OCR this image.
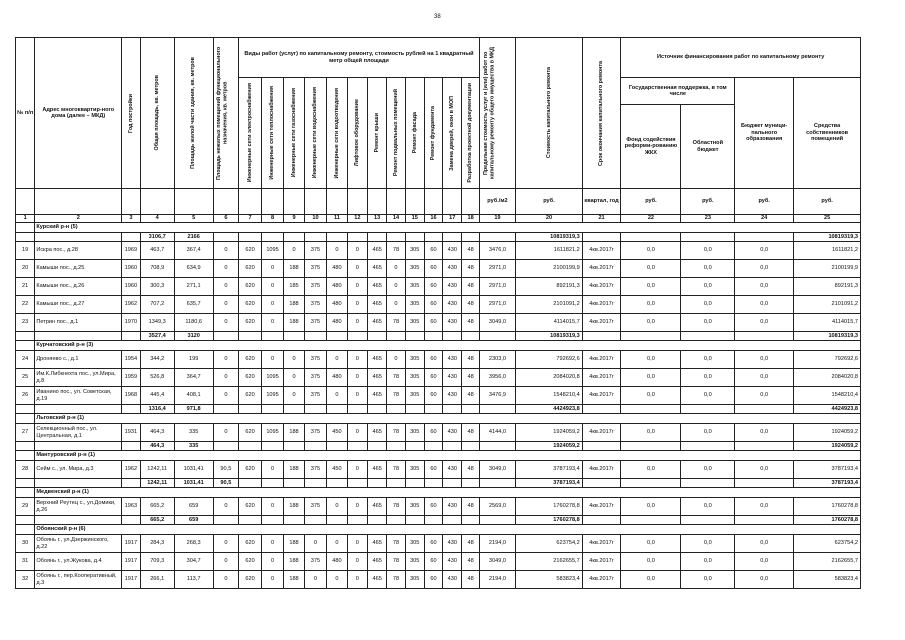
38
№ п/п	Адрес многоквартир-ного дома (далее – МКД)	Год постройки	Общая площадь, кв. метров	Площадь жилой части здания, кв. метров	Площадь нежилых помещений функционального назначения, кв. метров	Виды работ (услуг) по капитальному ремонту, стоимость рублей на 1 квадратный метр общей площади												Предельная стоимость услуг и (или) работ по капитальному ремонту общего имущества в МКД	Стоимость капитального ремонта	Срок окончания капитального ремонта	Источник финансирования работ по капитальному ремонту			

						Инженерные сети электроснабжения	Инженерные сети теплоснабжения	Инженерные сети газоснабжения	Инженерные сети водоснабжения	Инженерные сети водоотведения	Лифтовое оборудование	Ремонт крыши	Ремонт подвальных помещений	Ремонт фасада	Ремонт фундамента	Замена дверей, окон в МОП	Разработка проектной документации				Государственная поддержка, в том числе		Бюджет муници-пального образования	Средства собственников помещений
																					Фонд содействия реформи-рованию ЖКХ	Областной бюджет		
																		руб./м2	руб.	квартал, год	руб.	руб.	руб.	руб.
1	2	3	4	5	6	7	8	9	10	11	12	13	14	15	16	17	18	19	20	21	22	23	24	25
	Курский р-н (5)																							
			3106,7	2166															10819319,3					10819319,3
19	Искра пос., д.28	1969	463,7	367,4	0	620	1095	0	375	0	0	465	78	305	60	430	48	3476,0	1611821,2	4кв.2017г	0,0	0,0	0,0	1611821,2
20	Камыши пос., д.25	1960	708,9	634,9	0	620	0	188	375	480	0	465	0	305	60	430	48	2971,0	2100199,9	4кв.2017г	0,0	0,0	0,0	2100199,9
21	Камыши пос., д.26	1960	300,3	271,1	0	620	0	185	375	480	0	465	0	305	60	430	48	2971,0	892191,3	4кв.2017г	0,0	0,0	0,0	892191,3
22	Камыши пос., д.27	1962	707,2	635,7	0	620	0	188	375	480	0	465	0	305	60	430	48	2971,0	2101091,2	4кв.2017г	0,0	0,0	0,0	2101091,2
23	Петрин пос., д.1	1970	1349,3	1180,6	0	620	0	188	375	480	0	465	78	305	60	430	48	3049,0	4114015,7	4кв.2017г	0,0	0,0	0,0	4114015,7
			3527,4	3120															10819319,3					10819319,3
	Курчатовский р-н (3)																							
24	Дроняево с., д.1	1954	344,2	199	0	620	0	0	375	0	0	465	0	305	60	430	48	2303,0	792692,6	4кв.2017г	0,0	0,0	0,0	792692,6
25	Им.К.Либкнехта пос., ул.Мира, д.8	1959	526,8	364,7	0	620	1095	0	375	480	0	465	78	305	60	430	48	3956,0	2084020,8	4кв.2017г	0,0	0,0	0,0	2084020,8
26	Иванино пос., ул. Советская, д.19	1968	445,4	408,1	0	620	1095	0	375	0	0	465	78	305	60	430	48	3476,9	1548210,4	4кв.2017г	0,0	0,0	0,0	1548210,4
			1316,4	971,8															4424923,8					4424923,8
	Льговский р-н (1)																							
27	Селекционный пос., ул. Центральная, д.1	1931	464,3	335	0	620	1095	188	375	450	0	465	78	305	60	430	48	4144,0	1924059,2	4кв.2017г	0,0	0,0	0,0	1924059,2
			464,3	335															1924059,2					1924059,2
	Мантуровский р-н (1)																							
28	Сейм с., ул. Мира, д.3	1962	1242,11	1031,41	90,5	620	0	188	375	450	0	465	78	305	60	430	48	3049,0	3787193,4	4кв.2017г	0,0	0,0	0,0	3787193,4
			1242,11	1031,41	90,5														3787193,4					3787193,4
	Медвенский р-н (1)																							
29	Верхний Реутец с., ул.Домики, д.26	1963	665,2	659	0	620	0	188	375	0	0	465	78	305	60	430	48	2569,0	1760278,8	4кв.2017г	0,0	0,0	0,0	1760278,8
			665,2	659															1760278,8					1760278,8
	Обоянский р-н (6)																							
30	Обоянь г., ул.Дзержинского, д.22	1917	284,3	268,3	0	620	0	188	0	0	0	465	78	305	60	430	48	2194,0	623754,2	4кв.2017г	0,0	0,0	0,0	623754,2
31	Обоянь г., ул.Жукова, д.4	1917	709,3	304,7	0	620	0	188	375	480	0	465	78	305	60	430	48	3049,0	2162655,7	4кв.2017г	0,0	0,0	0,0	2162655,7
32	Обоянь г., пер.Кооперативный, д.3	1917	266,1	113,7	0	620	0	188	0	0	0	465	78	305	60	430	48	2194,0	583823,4	4кв.2017г	0,0	0,0	0,0	583823,4
